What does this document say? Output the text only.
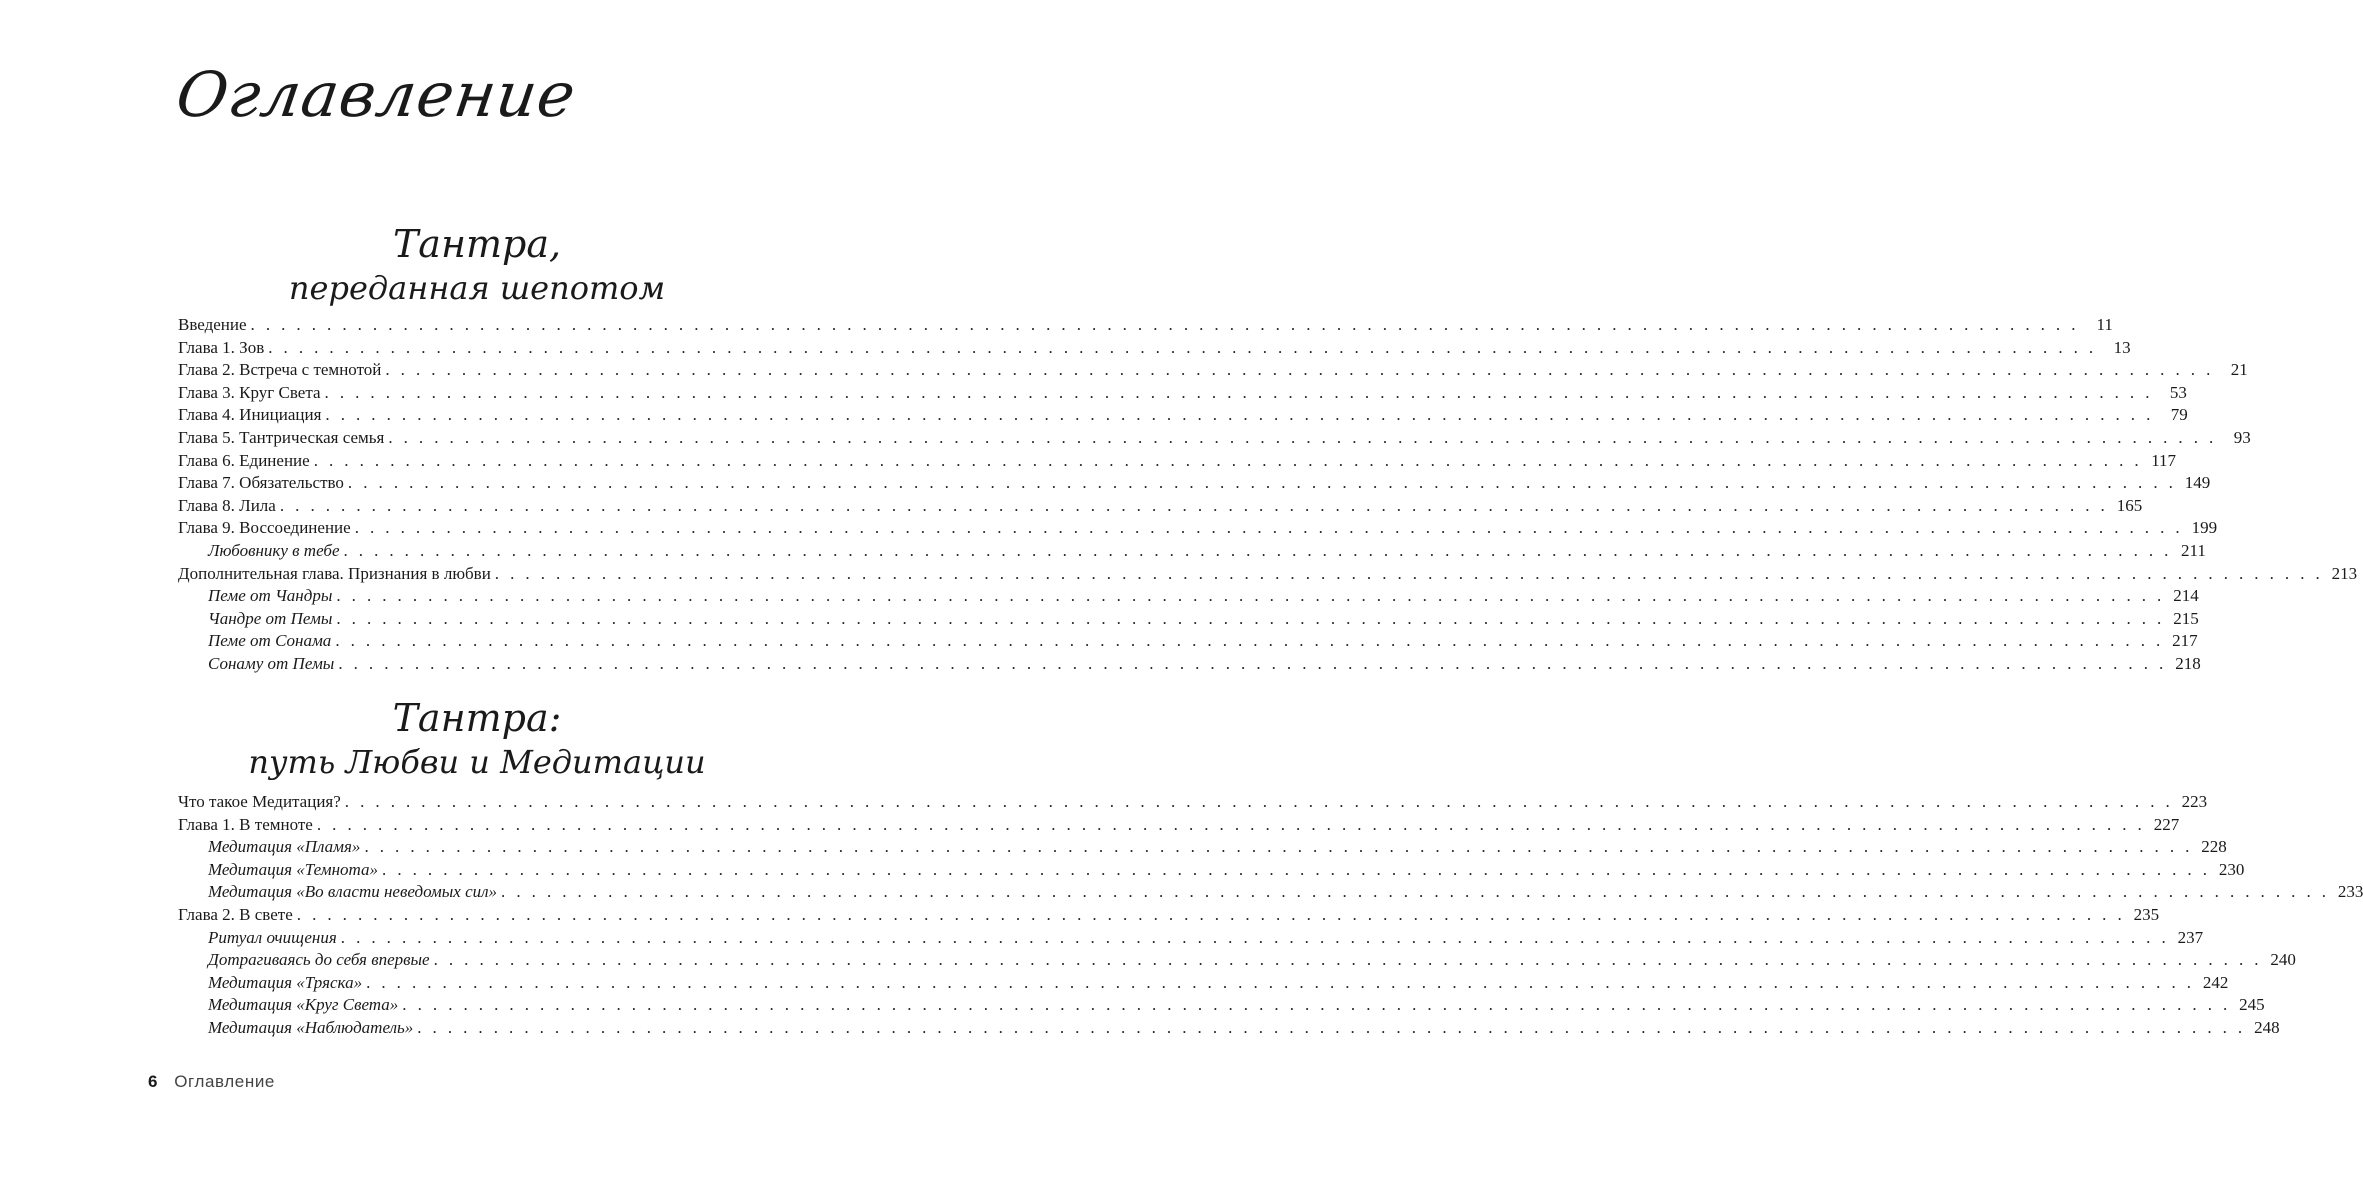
Оглавление
Тантра,
переданная шепотом
Введение . . . . . . . . . . . . . . . . . . . . . . . . . . . . . . . . . . . . . . . . . . . . . . . . . . . . . . . . . . . . . . . . . . . . . . . . . . . . . . . . . . . . . . . . . . . . . . . . . . . . . . . . . . . . . . . . . . . . . . . .	11
Глава 1. Зов . . . . . . . . . . . . . . . . . . . . . . . . . . . . . . . . . . . . . . . . . . . . . . . . . . . . . . . . . . . . . . . . . . . . . . . . . . . . . . . . . . . . . . . . . . . . . . . . . . . . . . . . . . . . . . . . . . . . . . . .	13
Глава 2. Встреча с темнотой . . . . . . . . . . . . . . . . . . . . . . . . . . . . . . . . . . . . . . . . . . . . . . . . . . . . . . . . . . . . . . . . . . . . . . . . . . . . . . . . . . . . . . . . . . . . . . . . . . . . . . . . . . . . . . . . . . . . . . . .	21
Глава 3. Круг Света . . . . . . . . . . . . . . . . . . . . . . . . . . . . . . . . . . . . . . . . . . . . . . . . . . . . . . . . . . . . . . . . . . . . . . . . . . . . . . . . . . . . . . . . . . . . . . . . . . . . . . . . . . . . . . . . . . . . . . . .	53
Глава 4. Инициация . . . . . . . . . . . . . . . . . . . . . . . . . . . . . . . . . . . . . . . . . . . . . . . . . . . . . . . . . . . . . . . . . . . . . . . . . . . . . . . . . . . . . . . . . . . . . . . . . . . . . . . . . . . . . . . . . . . . . . . .	79
Глава 5. Тантрическая семья . . . . . . . . . . . . . . . . . . . . . . . . . . . . . . . . . . . . . . . . . . . . . . . . . . . . . . . . . . . . . . . . . . . . . . . . . . . . . . . . . . . . . . . . . . . . . . . . . . . . . . . . . . . . . . . . . . . . . . . .	93
Глава 6. Единение . . . . . . . . . . . . . . . . . . . . . . . . . . . . . . . . . . . . . . . . . . . . . . . . . . . . . . . . . . . . . . . . . . . . . . . . . . . . . . . . . . . . . . . . . . . . . . . . . . . . . . . . . . . . . . . . . . . . . . . . 117
Глава 7. Обязательство . . . . . . . . . . . . . . . . . . . . . . . . . . . . . . . . . . . . . . . . . . . . . . . . . . . . . . . . . . . . . . . . . . . . . . . . . . . . . . . . . . . . . . . . . . . . . . . . . . . . . . . . . . . . . . . . . . . . . . . . 149
Глава 8. Лила . . . . . . . . . . . . . . . . . . . . . . . . . . . . . . . . . . . . . . . . . . . . . . . . . . . . . . . . . . . . . . . . . . . . . . . . . . . . . . . . . . . . . . . . . . . . . . . . . . . . . . . . . . . . . . . . . . . . . . . . 165
Глава 9. Воссоединение . . . . . . . . . . . . . . . . . . . . . . . . . . . . . . . . . . . . . . . . . . . . . . . . . . . . . . . . . . . . . . . . . . . . . . . . . . . . . . . . . . . . . . . . . . . . . . . . . . . . . . . . . . . . . . . . . . . . . . . . 199
Любовнику в тебе . . . . . . . . . . . . . . . . . . . . . . . . . . . . . . . . . . . . . . . . . . . . . . . . . . . . . . . . . . . . . . . . . . . . . . . . . . . . . . . . . . . . . . . . . . . . . . . . . . . . . . . . . . . . . . . . . . . . . . . . 211
Дополнительная глава. Признания в любви . . . . . . . . . . . . . . . . . . . . . . . . . . . . . . . . . . . . . . . . . . . . . . . . . . . . . . . . . . . . . . . . . . . . . . . . . . . . . . . . . . . . . . . . . . . . . . . . . . . . . . . . . . . . . . . . . . . . . . . . 213
Пеме от Чандры . . . . . . . . . . . . . . . . . . . . . . . . . . . . . . . . . . . . . . . . . . . . . . . . . . . . . . . . . . . . . . . . . . . . . . . . . . . . . . . . . . . . . . . . . . . . . . . . . . . . . . . . . . . . . . . . . . . . . . . . 214
Чандре от Пемы . . . . . . . . . . . . . . . . . . . . . . . . . . . . . . . . . . . . . . . . . . . . . . . . . . . . . . . . . . . . . . . . . . . . . . . . . . . . . . . . . . . . . . . . . . . . . . . . . . . . . . . . . . . . . . . . . . . . . . . . 215
Пеме от Сонама . . . . . . . . . . . . . . . . . . . . . . . . . . . . . . . . . . . . . . . . . . . . . . . . . . . . . . . . . . . . . . . . . . . . . . . . . . . . . . . . . . . . . . . . . . . . . . . . . . . . . . . . . . . . . . . . . . . . . . . . 217
Сонаму от Пемы . . . . . . . . . . . . . . . . . . . . . . . . . . . . . . . . . . . . . . . . . . . . . . . . . . . . . . . . . . . . . . . . . . . . . . . . . . . . . . . . . . . . . . . . . . . . . . . . . . . . . . . . . . . . . . . . . . . . . . . . 218
Тантра:
путь Любви и Медитации
Что такое Медитация? . . . . . . . . . . . . . . . . . . . . . . . . . . . . . . . . . . . . . . . . . . . . . . . . . . . . . . . . . . . . . . . . . . . . . . . . . . . . . . . . . . . . . . . . . . . . . . . . . . . . . . . . . . . . . . . . . . . . . . . . 223
Глава 1. В темноте . . . . . . . . . . . . . . . . . . . . . . . . . . . . . . . . . . . . . . . . . . . . . . . . . . . . . . . . . . . . . . . . . . . . . . . . . . . . . . . . . . . . . . . . . . . . . . . . . . . . . . . . . . . . . . . . . . . . . . . . 227
Медитация «Пламя» . . . . . . . . . . . . . . . . . . . . . . . . . . . . . . . . . . . . . . . . . . . . . . . . . . . . . . . . . . . . . . . . . . . . . . . . . . . . . . . . . . . . . . . . . . . . . . . . . . . . . . . . . . . . . . . . . . . . . . . . 228
Медитация «Темнота» . . . . . . . . . . . . . . . . . . . . . . . . . . . . . . . . . . . . . . . . . . . . . . . . . . . . . . . . . . . . . . . . . . . . . . . . . . . . . . . . . . . . . . . . . . . . . . . . . . . . . . . . . . . . . . . . . . . . . . . . 230
Медитация «Во власти неведомых сил» . . . . . . . . . . . . . . . . . . . . . . . . . . . . . . . . . . . . . . . . . . . . . . . . . . . . . . . . . . . . . . . . . . . . . . . . . . . . . . . . . . . . . . . . . . . . . . . . . . . . . . . . . . . . . . . . . . . . . . . . 233
Глава 2. В свете . . . . . . . . . . . . . . . . . . . . . . . . . . . . . . . . . . . . . . . . . . . . . . . . . . . . . . . . . . . . . . . . . . . . . . . . . . . . . . . . . . . . . . . . . . . . . . . . . . . . . . . . . . . . . . . . . . . . . . . . 235
Ритуал очищения . . . . . . . . . . . . . . . . . . . . . . . . . . . . . . . . . . . . . . . . . . . . . . . . . . . . . . . . . . . . . . . . . . . . . . . . . . . . . . . . . . . . . . . . . . . . . . . . . . . . . . . . . . . . . . . . . . . . . . . . 237
Дотрагиваясь до себя впервые . . . . . . . . . . . . . . . . . . . . . . . . . . . . . . . . . . . . . . . . . . . . . . . . . . . . . . . . . . . . . . . . . . . . . . . . . . . . . . . . . . . . . . . . . . . . . . . . . . . . . . . . . . . . . . . . . . . . . . . . 240
Медитация «Тряска» . . . . . . . . . . . . . . . . . . . . . . . . . . . . . . . . . . . . . . . . . . . . . . . . . . . . . . . . . . . . . . . . . . . . . . . . . . . . . . . . . . . . . . . . . . . . . . . . . . . . . . . . . . . . . . . . . . . . . . . . 242
Медитация «Круг Света» . . . . . . . . . . . . . . . . . . . . . . . . . . . . . . . . . . . . . . . . . . . . . . . . . . . . . . . . . . . . . . . . . . . . . . . . . . . . . . . . . . . . . . . . . . . . . . . . . . . . . . . . . . . . . . . . . . . . . . . . 245
Медитация «Наблюдатель» . . . . . . . . . . . . . . . . . . . . . . . . . . . . . . . . . . . . . . . . . . . . . . . . . . . . . . . . . . . . . . . . . . . . . . . . . . . . . . . . . . . . . . . . . . . . . . . . . . . . . . . . . . . . . . . . . . . . . . . . 248
6 Оглавление
